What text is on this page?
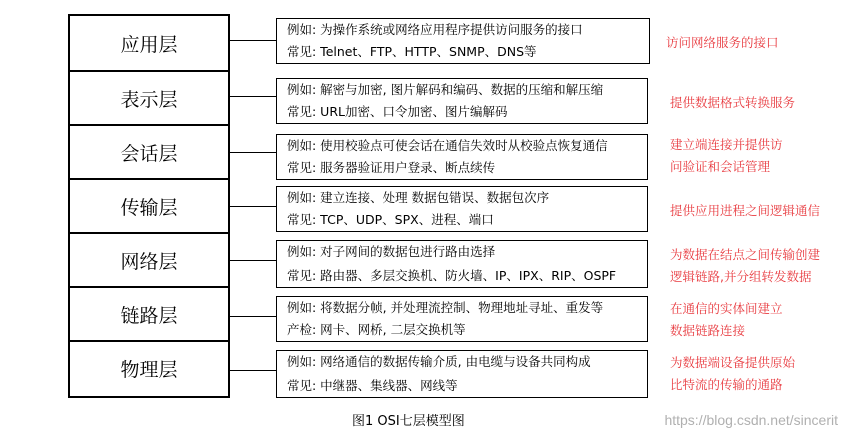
应用层
表示层
会话层
传输层
网络层
链路层
物理层
例如: 为操作系统或网络应用程序提供访问服务的接口
常见: Telnet、FTP、HTTP、SNMP、DNS等
例如: 解密与加密, 图片解码和编码、数据的压缩和解压缩
常见: URL加密、口令加密、图片编解码
例如: 使用校验点可使会话在通信失效时从校验点恢复通信
常见: 服务器验证用户登录、断点续传
例如: 建立连接、处理 数据包错误、数据包次序
常见: TCP、UDP、SPX、进程、端口
例如: 对子网间的数据包进行路由选择
常见: 路由器、多层交换机、防火墙、IP、IPX、RIP、OSPF
例如: 将数据分帧, 并处理流控制、物理地址寻址、重发等
产检: 网卡、网桥, 二层交换机等
例如: 网络通信的数据传输介质, 由电缆与设备共同构成
常见: 中继器、集线器、网线等
访问网络服务的接口
提供数据格式转换服务
建立端连接并提供访
问验证和会话管理
提供应用进程之间逻辑通信
为数据在结点之间传输创建
逻辑链路,并分组转发数据
在通信的实体间建立
数据链路连接
为数据端设备提供原始
比特流的传输的通路
图1 OSI七层模型图	https://blog.csdn.net/sincerit
